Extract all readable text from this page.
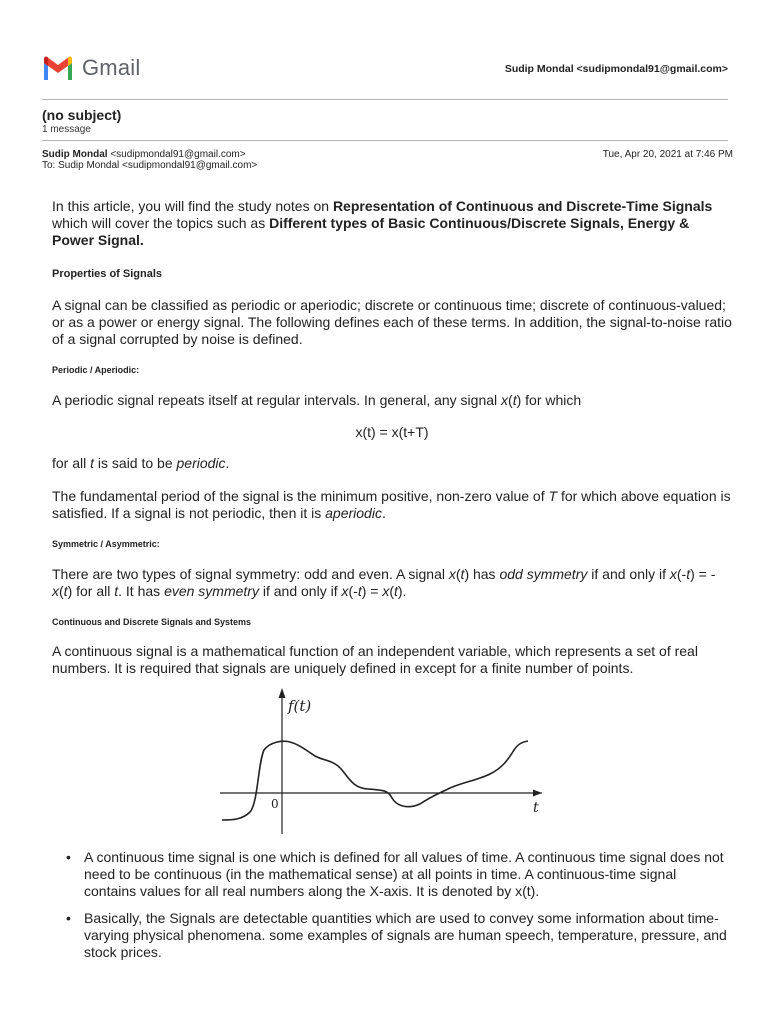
Gmail	Sudip Mondal <sudipmondal91@gmail.com>
(no subject)
1 message
Sudip Mondal <sudipmondal91@gmail.com>
To: Sudip Mondal <sudipmondal91@gmail.com>
Tue, Apr 20, 2021 at 7:46 PM

In this article, you will find the study notes on Representation of Continuous and Discrete-Time Signals which will cover the topics such as Different types of Basic Continuous/Discrete Signals, Energy & Power Signal.

Properties of Signals

A signal can be classified as periodic or aperiodic; discrete or continuous time; discrete of continuous-valued; or as a power or energy signal. The following defines each of these terms. In addition, the signal-to-noise ratio of a signal corrupted by noise is defined.

Periodic / Aperiodic:

A periodic signal repeats itself at regular intervals. In general, any signal x(t) for which

x(t) = x(t+T)

for all t is said to be periodic.

The fundamental period of the signal is the minimum positive, non-zero value of T for which above equation is satisfied. If a signal is not periodic, then it is aperiodic.

Symmetric / Asymmetric:

There are two types of signal symmetry: odd and even. A signal x(t) has odd symmetry if and only if x(-t) = -x(t) for all t. It has even symmetry if and only if x(-t) = x(t).

Continuous and Discrete Signals and Systems

A continuous signal is a mathematical function of an independent variable, which represents a set of real numbers. It is required that signals are uniquely defined in except for a finite number of points.

f(t)
t
0
• A continuous time signal is one which is defined for all values of time. A continuous time signal does not need to be continuous (in the mathematical sense) at all points in time. A continuous-time signal contains values for all real numbers along the X-axis. It is denoted by x(t).
• Basically, the Signals are detectable quantities which are used to convey some information about time-varying physical phenomena. some examples of signals are human speech, temperature, pressure, and stock prices.
